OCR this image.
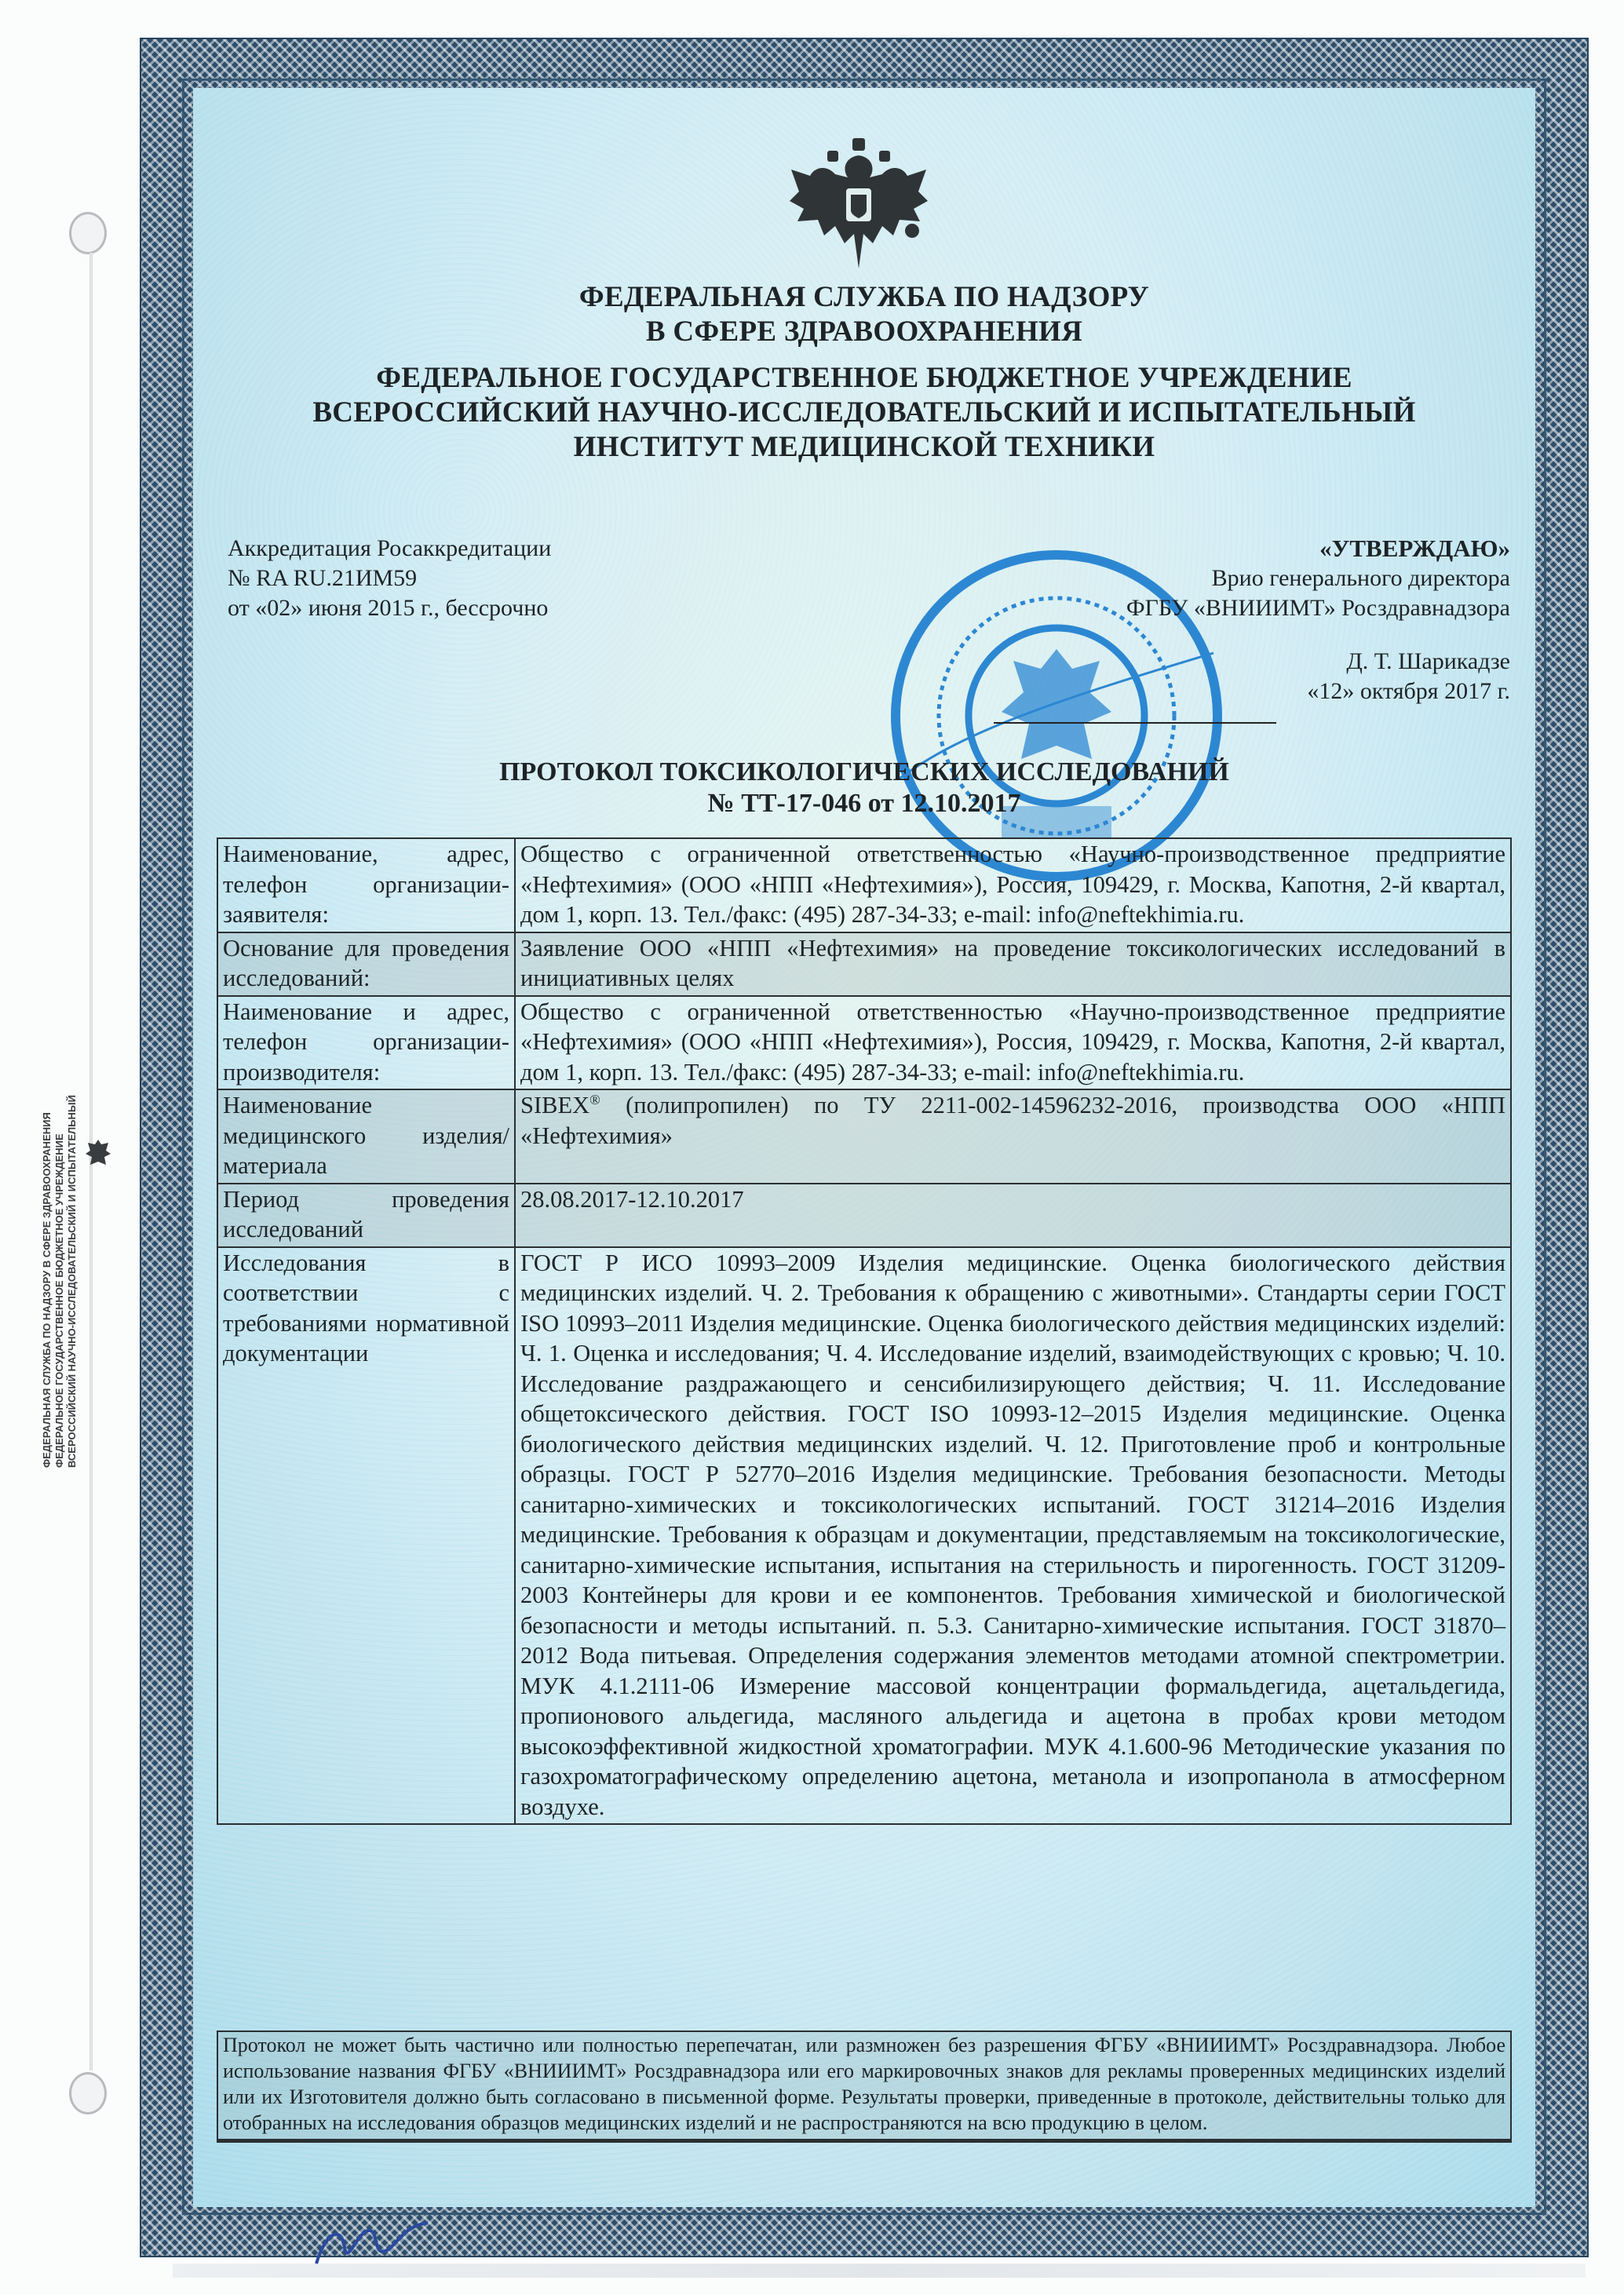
ФЕДЕРАЛЬНАЯ СЛУЖБА ПО НАДЗОРУ В СФЕРЕ ЗДРАВООХРАНЕНИЯ ФЕДЕРАЛЬНОЕ ГОСУДАРСТВЕННОЕ БЮДЖЕТНОЕ УЧРЕЖДЕНИЕ ВСЕРОССИЙСКИЙ НАУЧНО-ИССЛЕДОВАТЕЛЬСКИЙ И ИСПЫТАТЕЛЬНЫЙ
ФЕДЕРАЛЬНАЯ СЛУЖБА ПО НАДЗОРУ
В СФЕРЕ ЗДРАВООХРАНЕНИЯ
ФЕДЕРАЛЬНОЕ ГОСУДАРСТВЕННОЕ БЮДЖЕТНОЕ УЧРЕЖДЕНИЕ
ВСЕРОССИЙСКИЙ НАУЧНО-ИССЛЕДОВАТЕЛЬСКИЙ И ИСПЫТАТЕЛЬНЫЙ
ИНСТИТУТ МЕДИЦИНСКОЙ ТЕХНИКИ
Аккредитация Росаккредитации
№ RA RU.21ИМ59
от «02» июня 2015 г., бессрочно
«УТВЕРЖДАЮ»
Врио генерального директора
ФГБУ «ВНИИИМТ» Росздравнадзора
Д. Т. Шарикадзе
«12» октября 2017 г.
ПРОТОКОЛ ТОКСИКОЛОГИЧЕСКИХ ИССЛЕДОВАНИЙ
№ ТТ-17-046 от 12.10.2017
Наименование, адрес, телефон организации-заявителя:	Общество с ограниченной ответственностью «Научно-производственное предприятие «Нефтехимия» (ООО «НПП «Нефтехимия»), Россия, 109429, г. Москва, Капотня, 2-й квартал, дом 1, корп. 13. Тел./факс: (495) 287-34-33; e-mail: info@neftekhimia.ru.
Основание для проведения исследований:	Заявление ООО «НПП «Нефтехимия» на проведение токсикологических исследований в инициативных целях
Наименование и адрес, телефон организации-производителя:	Общество с ограниченной ответственностью «Научно-производственное предприятие «Нефтехимия» (ООО «НПП «Нефтехимия»), Россия, 109429, г. Москва, Капотня, 2-й квартал, дом 1, корп. 13. Тел./факс: (495) 287-34-33; e-mail: info@neftekhimia.ru.
Наименование медицинского изделия/материала	SIBEX® (полипропилен) по ТУ 2211-002-14596232-2016, производства ООО «НПП «Нефтехимия»
Период проведения исследований	28.08.2017-12.10.2017
Исследования в соответствии с требованиями нормативной документации	ГОСТ Р ИСО 10993–2009 Изделия медицинские. Оценка биологического действия медицинских изделий. Ч. 2. Требования к обращению с животными». Стандарты серии ГОСТ ISO 10993–2011 Изделия медицинские. Оценка биологического действия медицинских изделий: Ч. 1. Оценка и исследования; Ч. 4. Исследование изделий, взаимодействующих с кровью; Ч. 10. Исследование раздражающего и сенсибилизирующего действия; Ч. 11. Исследование общетоксического действия. ГОСТ ISO 10993-12–2015 Изделия медицинские. Оценка биологического действия медицинских изделий. Ч. 12. Приготовление проб и контрольные образцы. ГОСТ Р 52770–2016 Изделия медицинские. Требования безопасности. Методы санитарно-химических и токсикологических испытаний. ГОСТ 31214–2016 Изделия медицинские. Требования к образцам и документации, представляемым на токсикологические, санитарно-химические испытания, испытания на стерильность и пирогенность. ГОСТ 31209-2003 Контейнеры для крови и ее компонентов. Требования химической и биологической безопасности и методы испытаний. п. 5.3. Санитарно-химические испытания. ГОСТ 31870–2012 Вода питьевая. Определения содержания элементов методами атомной спектрометрии. МУК 4.1.2111-06 Измерение массовой концентрации формальдегида, ацетальдегида, пропионового альдегида, масляного альдегида и ацетона в пробах крови методом высокоэффективной жидкостной хроматографии. МУК 4.1.600-96 Методические указания по газохроматографическому определению ацетона, метанола и изопропанола в атмосферном воздухе.
Протокол не может быть частично или полностью перепечатан, или размножен без разрешения ФГБУ «ВНИИИМТ» Росздравнадзора. Любое использование названия ФГБУ «ВНИИИМТ» Росздравнадзора или его маркировочных знаков для рекламы проверенных медицинских изделий или их Изготовителя должно быть согласовано в письменной форме. Результаты проверки, приведенные в протоколе, действительны только для отобранных на исследования образцов медицинских изделий и не распространяются на всю продукцию в целом.
